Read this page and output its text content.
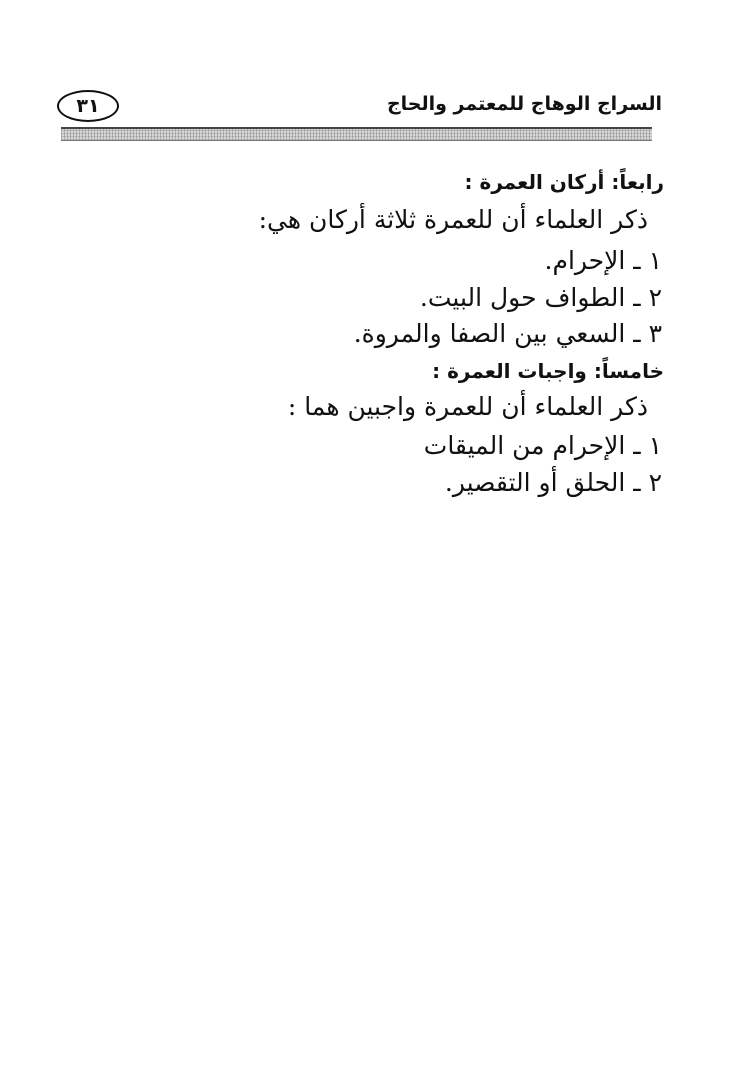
٣١	السراج الوهاج للمعتمر والحاج
رابعاً: أركان العمرة :
ذكر العلماء أن للعمرة ثلاثة أركان هي:
١ ـ الإحرام.
٢ ـ الطواف حول البيت.
٣ ـ السعي بين الصفا والمروة.
خامساً: واجبات العمرة :
ذكر العلماء أن للعمرة واجبين هما :
١ ـ الإحرام من الميقات
٢ ـ الحلق أو التقصير.
